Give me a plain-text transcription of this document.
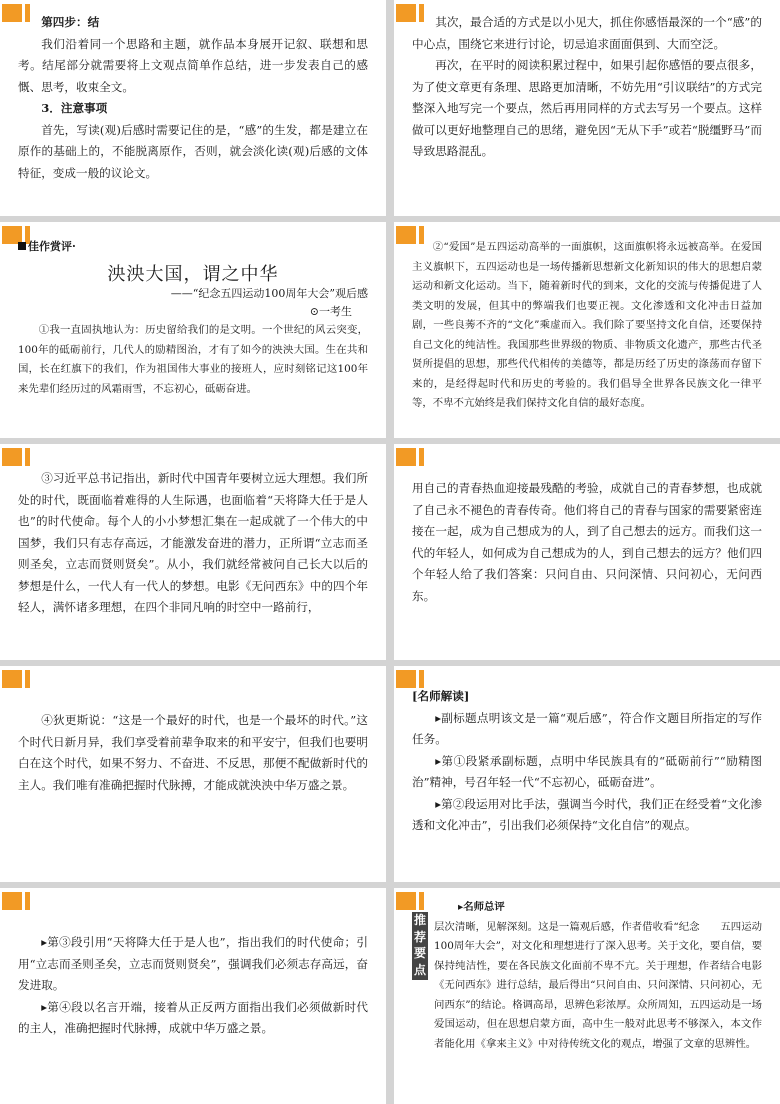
第四步：结

我们沿着同一个思路和主题，就作品本身展开记叙、联想和思考。结尾部分就需要将上文观点简单作总结，进一步发表自己的感慨、思考，收束全文。

3．注意事项

首先，写读(观)后感时需要记住的是，“感”的生发，都是建立在原作的基础上的，不能脱离原作，否则，就会淡化读(观)后感的文体特征，变成一般的议论文。

其次，最合适的方式是以小见大，抓住你感悟最深的一个“感”的中心点，围绕它来进行讨论，切忌追求面面俱到、大而空泛。

再次，在平时的阅读积累过程中，如果引起你感悟的要点很多，为了使文章更有条理、思路更加清晰，不妨先用“引议联结”的方式完整深入地写完一个要点，然后再用同样的方式去写另一个要点。这样做可以更好地整理自己的思绪，避免因“无从下手”或若“脱缰野马”而导致思路混乱。

佳作赏评·
泱泱大国，谓之中华
——“纪念五四运动100周年大会”观后感
⊙一考生

①我一直固执地认为：历史留给我们的是文明。一个世纪的风云突变，100年的砥砺前行，几代人的励精图治，才有了如今的泱泱大国。生在共和国，长在红旗下的我们，作为祖国伟大事业的接班人，应时刻铭记这100年来先辈们经历过的风霜雨雪，不忘初心，砥砺奋进。

②“爱国”是五四运动高举的一面旗帜，这面旗帜将永远被高举。在爱国主义旗帜下，五四运动也是一场传播新思想新文化新知识的伟大的思想启蒙运动和新文化运动。当下，随着新时代的到来，文化的交流与传播促进了人类文明的发展，但其中的弊端我们也要正视。文化渗透和文化冲击日益加剧，一些良莠不齐的“文化”乘虚而入。我们除了要坚持文化自信，还要保持自己文化的纯洁性。我国那些世界级的物质、非物质文化遗产，那些古代圣贤所提倡的思想，那些代代相传的美德等，都是历经了历史的涤荡而存留下来的，是经得起时代和历史的考验的。我们倡导全世界各民族文化一律平等，不卑不亢始终是我们保持文化自信的最好态度。

③习近平总书记指出，新时代中国青年要树立远大理想。我们所处的时代，既面临着难得的人生际遇，也面临着“天将降大任于是人也”的时代使命。每个人的小小梦想汇集在一起成就了一个伟大的中国梦，我们只有志存高远，才能激发奋进的潜力，正所谓“立志而圣则圣矣，立志而贤则贤矣”。从小，我们就经常被问自己长大以后的梦想是什么，一代人有一代人的梦想。电影《无问西东》中的四个年轻人，满怀诸多理想，在四个非同凡响的时空中一路前行，

用自己的青春热血迎接最残酷的考验，成就自己的青春梦想，也成就了自己永不褪色的青春传奇。他们将自己的青春与国家的需要紧密连接在一起，成为自己想成为的人，到了自己想去的远方。而我们这一代的年轻人，如何成为自己想成为的人，到自己想去的远方？他们四个年轻人给了我们答案：只问自由、只问深情、只问初心，无问西东。

④狄更斯说：“这是一个最好的时代，也是一个最坏的时代。”这个时代日新月异，我们享受着前辈争取来的和平安宁，但我们也要明白在这个时代，如果不努力、不奋进、不反思，那便不配做新时代的主人。我们唯有准确把握时代脉搏，才能成就泱泱中华万盛之景。

[名师解读]

▸副标题点明该文是一篇“观后感”，符合作文题目所指定的写作任务。

▸第①段紧承副标题，点明中华民族具有的“砥砺前行”“励精图治”精神，号召年轻一代“不忘初心，砥砺奋进”。

▸第②段运用对比手法，强调当今时代，我们正在经受着“文化渗透和文化冲击”，引出我们必须保持“文化自信”的观点。

▸第③段引用“天将降大任于是人也”，指出我们的时代使命；引用“立志而圣则圣矣，立志而贤则贤矣”，强调我们必须志存高远，奋发进取。

▸第④段以名言开端，接着从正反两方面指出我们必须做新时代的主人，准确把握时代脉搏，成就中华万盛之景。

推荐要点

▸名师总评

层次清晰，见解深刻。这是一篇观后感，作者借收看“纪念　　五四运动100周年大会”，对文化和理想进行了深入思考。关于文化，要自信，要保持纯洁性，要在各民族文化面前不卑不亢。关于理想，作者结合电影《无问西东》进行总结，最后得出“只问自由、只问深情、只问初心，无问西东”的结论。格调高昂，思辨色彩浓厚。众所周知，五四运动是一场爱国运动，但在思想启蒙方面，高中生一般对此思考不够深入，本文作者能化用《拿来主义》中对待传统文化的观点，增强了文章的思辨性。
